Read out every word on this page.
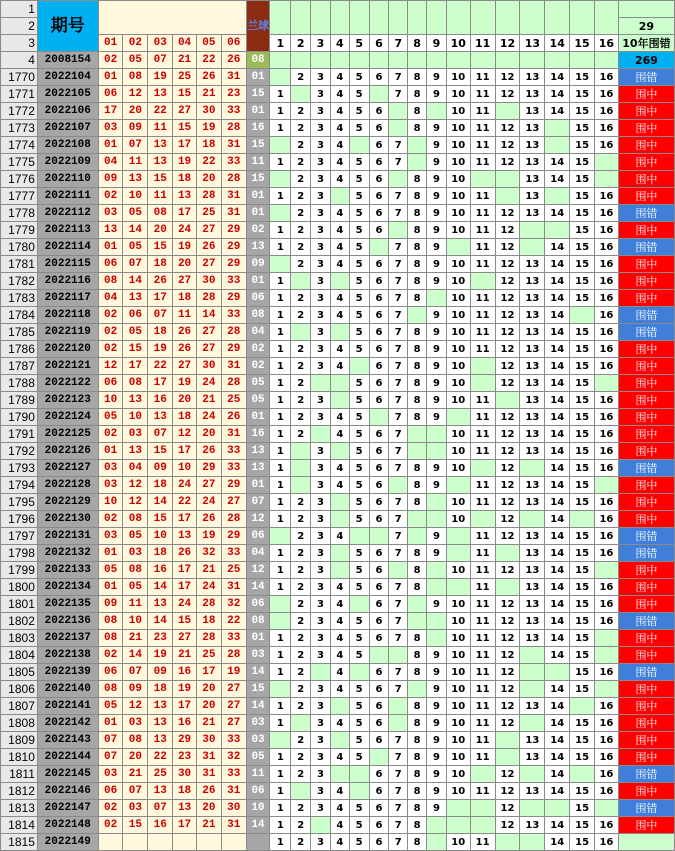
1	期号							兰球																	
2																									29
3		01	02	03	04	05	06		1	2	3	4	5	6	7	8	9	10	11	12	13	14	15	16	10年围错
4	2008154	02	05	07	21	22	26	08																	269
1770	2022104	01	08	19	25	26	31	01		2	3	4	5	6	7	8	9	10	11	12	13	14	15	16	围错
1771	2022105	06	12	13	15	21	23	15	1		3	4	5		7	8	9	10	11	12	13	14	15	16	围中
1772	2022106	17	20	22	27	30	33	01	1	2	3	4	5	6		8		10	11		13	14	15	16	围中
1773	2022107	03	09	11	15	19	28	16	1	2	3	4	5	6		8	9	10	11	12	13		15	16	围中
1774	2022108	01	07	13	17	18	31	15		2	3	4		6	7		9	10	11	12	13		15	16	围中
1775	2022109	04	11	13	19	22	33	11	1	2	3	4	5	6	7		9	10	11	12	13	14	15		围中
1776	2022110	09	13	15	18	20	28	15		2	3	4	5	6		8	9	10			13	14	15		围中
1777	2022111	02	10	11	13	28	31	01	1	2	3		5	6	7	8	9	10	11		13		15	16	围中
1778	2022112	03	05	08	17	25	31	01		2	3	4	5	6	7	8	9	10	11	12	13	14	15	16	围错
1779	2022113	13	14	20	24	27	29	02	1	2	3	4	5	6		8	9	10	11	12			15	16	围中
1780	2022114	01	05	15	19	26	29	13	1	2	3	4	5		7	8	9		11	12		14	15	16	围错
1781	2022115	06	07	18	20	27	29	09		2	3	4	5	6	7	8	9	10	11	12	13	14	15	16	围中
1782	2022116	08	14	26	27	30	33	01	1		3		5	6	7	8	9	10		12	13	14	15	16	围中
1783	2022117	04	13	17	18	28	29	06	1	2	3	4	5	6	7	8		10	11	12	13	14	15	16	围中
1784	2022118	02	06	07	11	14	33	08	1	2	3	4	5	6	7		9	10	11	12	13	14		16	围错
1785	2022119	02	05	18	26	27	28	04	1		3		5	6	7	8	9	10	11	12	13	14	15	16	围错
1786	2022120	02	15	19	26	27	29	02	1	2	3	4	5	6	7	8	9	10	11	12	13	14	15	16	围中
1787	2022121	12	17	22	27	30	31	02	1	2	3	4		6	7	8	9	10		12	13	14	15	16	围中
1788	2022122	06	08	17	19	24	28	05	1	2			5	6	7	8	9	10		12	13	14	15		围中
1789	2022123	10	13	16	20	21	25	05	1	2	3		5	6	7	8	9	10	11		13	14	15	16	围中
1790	2022124	05	10	13	18	24	26	01	1	2	3	4	5		7	8	9		11	12	13	14	15	16	围中
1791	2022125	02	03	07	12	20	31	16	1	2		4	5	6	7			10	11	12	13	14	15	16	围中
1792	2022126	01	13	15	17	26	33	13	1		3		5	6	7			10	11	12	13	14	15	16	围中
1793	2022127	03	04	09	10	29	33	13	1		3	4	5	6	7	8	9	10		12		14	15	16	围错
1794	2022128	03	12	18	24	27	29	01	1		3	4	5	6		8	9		11	12	13	14	15		围中
1795	2022129	10	12	14	22	24	27	07	1	2	3		5	6	7	8		10	11	12	13	14	15	16	围中
1796	2022130	02	08	15	17	26	28	12	1	2	3		5	6	7			10		12		14		16	围中
1797	2022131	03	05	10	13	19	29	06		2	3	4			7		9		11	12	13	14	15	16	围错
1798	2022132	01	03	18	26	32	33	04	1	2	3		5	6	7	8	9		11		13	14	15	16	围错
1799	2022133	05	08	16	17	21	25	12	1	2	3		5	6		8		10	11	12	13	14	15		围中
1800	2022134	01	05	14	17	24	31	14	1	2	3	4	5	6	7	8			11		13	14	15	16	围中
1801	2022135	09	11	13	24	28	32	06		2	3	4		6	7		9	10	11	12	13	14	15	16	围中
1802	2022136	08	10	14	15	18	22	08		2	3	4	5	6	7			10	11	12	13	14	15	16	围错
1803	2022137	08	21	23	27	28	33	01	1	2	3	4	5	6	7	8		10	11	12	13	14	15		围中
1804	2022138	02	14	19	21	25	28	03	1	2	3	4	5			8	9	10	11	12		14	15		围中
1805	2022139	06	07	09	16	17	19	14	1	2		4		6	7	8	9	10	11	12			15	16	围错
1806	2022140	08	09	18	19	20	27	15		2	3	4	5	6	7		9	10	11	12		14	15		围中
1807	2022141	05	12	13	17	20	27	14	1	2	3		5	6		8	9	10	11	12	13	14		16	围中
1808	2022142	01	03	13	16	21	27	03	1		3	4	5	6		8	9	10	11	12		14	15	16	围中
1809	2022143	07	08	13	29	30	33	03		2	3		5	6	7	8	9	10	11		13	14	15	16	围中
1810	2022144	07	20	22	23	31	32	05	1	2	3	4	5		7	8	9	10	11		13	14	15	16	围中
1811	2022145	03	21	25	30	31	33	11	1	2	3			6	7	8	9	10		12		14		16	围错
1812	2022146	06	07	13	18	26	31	06	1		3	4		6	7	8	9	10	11	12	13	14	15	16	围中
1813	2022147	02	03	07	13	20	30	10	1	2	3	4	5	6	7	8	9			12			15		围错
1814	2022148	02	15	16	17	21	31	14	1	2		4	5	6	7	8				12	13	14	15	16	围中
1815	2022149								1	2	3	4	5	6	7	8		10	11			14	15	16	
